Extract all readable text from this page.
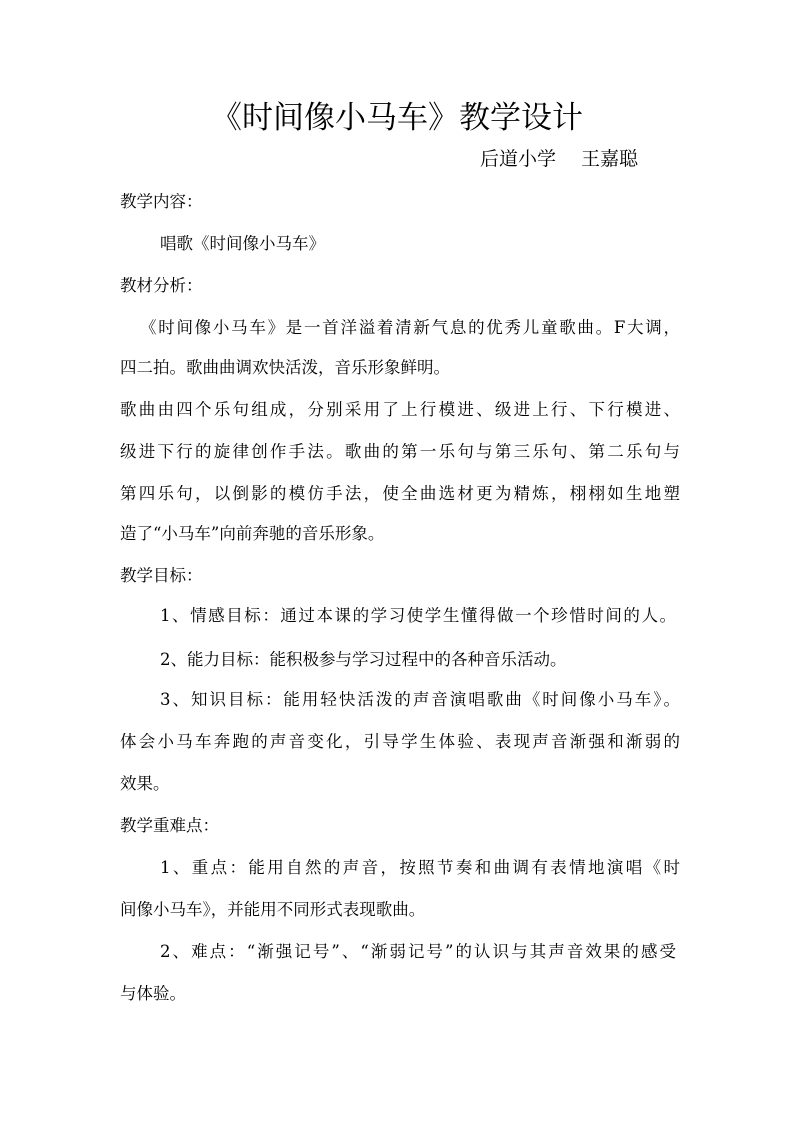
《时间像小马车》教学设计
后道小学　 王嘉聪
教学内容：
唱歌《时间像小马车》
教材分析：
《时间像小马车》是一首洋溢着清新气息的优秀儿童歌曲。F大调，
四二拍。歌曲曲调欢快活泼，音乐形象鲜明。
歌曲由四个乐句组成，分别采用了上行模进、级进上行、下行模进、
级进下行的旋律创作手法。歌曲的第一乐句与第三乐句、第二乐句与
第四乐句，以倒影的模仿手法，使全曲选材更为精炼，栩栩如生地塑
造了“小马车”向前奔驰的音乐形象。
教学目标：
1、情感目标：通过本课的学习使学生懂得做一个珍惜时间的人。
2、能力目标：能积极参与学习过程中的各种音乐活动。
3、知识目标：能用轻快活泼的声音演唱歌曲《时间像小马车》。
体会小马车奔跑的声音变化，引导学生体验、表现声音渐强和渐弱的
效果。
教学重难点：
1、重点：能用自然的声音，按照节奏和曲调有表情地演唱《时
间像小马车》，并能用不同形式表现歌曲。
2、难点：“渐强记号”、“渐弱记号”的认识与其声音效果的感受
与体验。
